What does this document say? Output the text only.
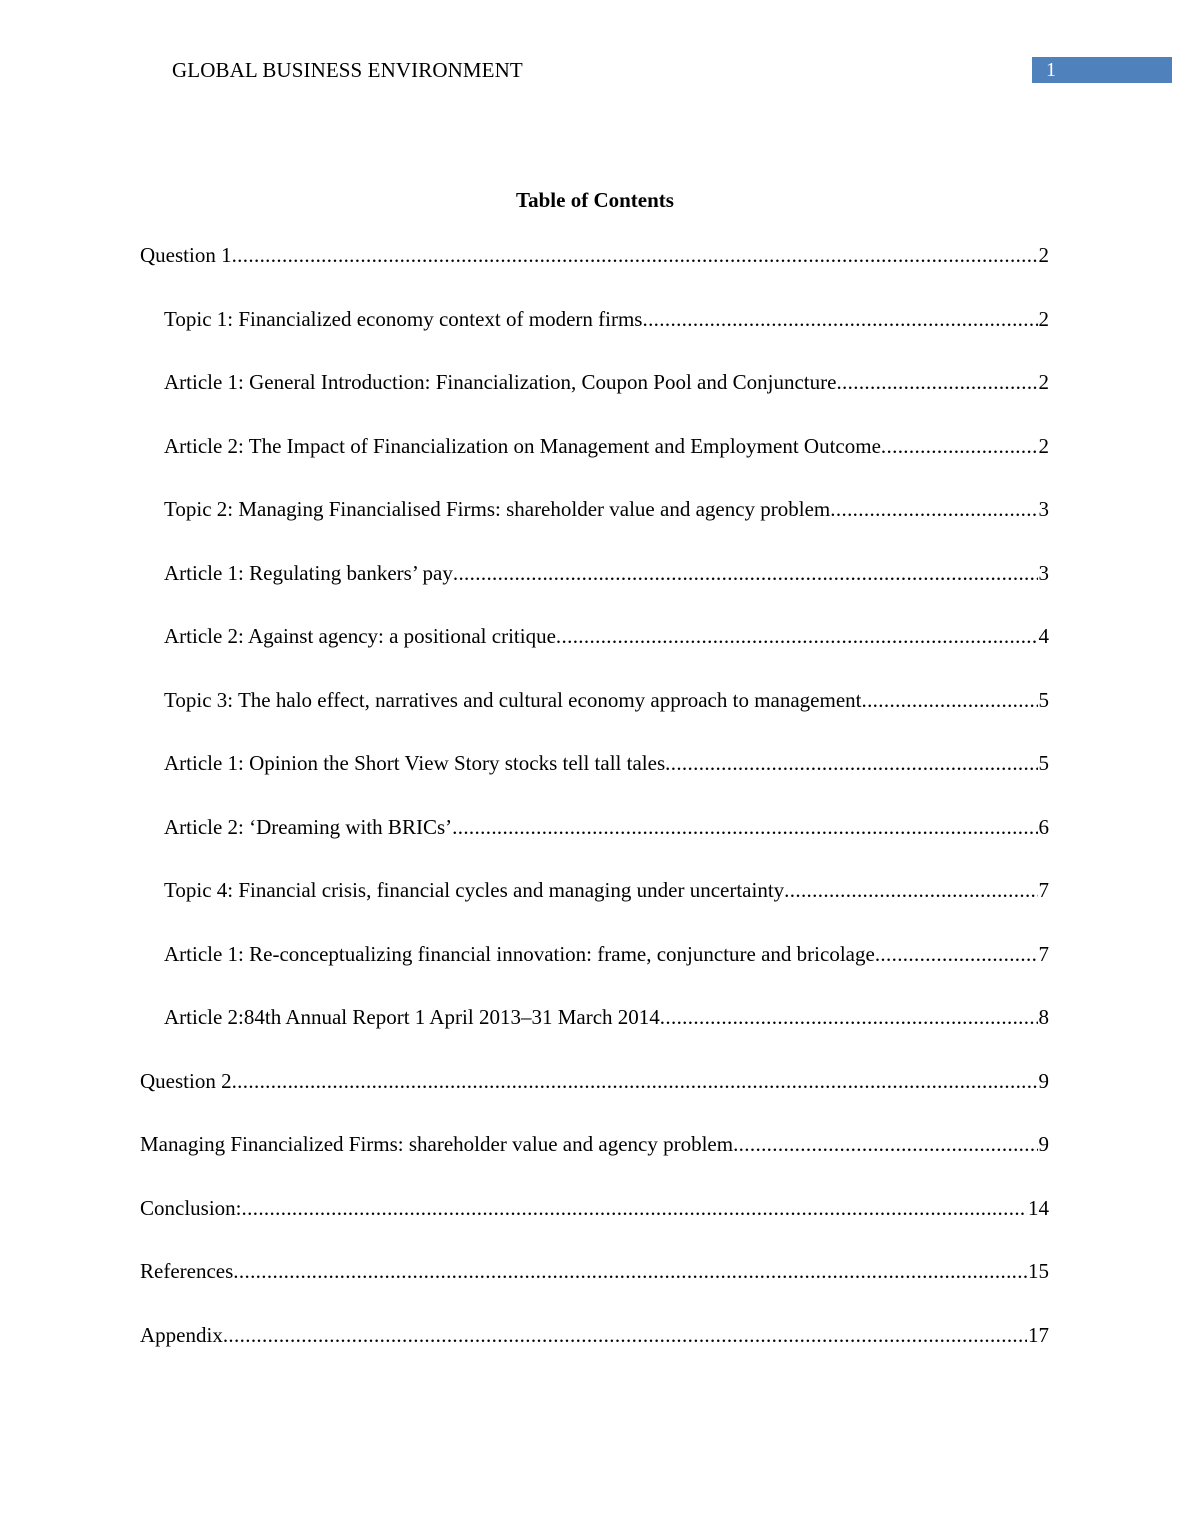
GLOBAL BUSINESS ENVIRONMENT	1
Table of Contents
Question 1 .....	2
Topic 1: Financialized economy context of modern firms .....	2
Article 1: General Introduction: Financialization, Coupon Pool and Conjuncture .....	2
Article 2: The Impact of Financialization on Management and Employment Outcome .....	2
Topic 2: Managing Financialised Firms: shareholder value and agency problem .....	3
Article 1: Regulating bankers’ pay .....	3
Article 2: Against agency: a positional critique .....	4
Topic 3: The halo effect, narratives and cultural economy approach to management .....	5
Article 1: Opinion the Short View Story stocks tell tall tales .....	5
Article 2: ‘Dreaming with BRICs’ .....	6
Topic 4: Financial crisis, financial cycles and managing under uncertainty .....	7
Article 1: Re-conceptualizing financial innovation: frame, conjuncture and bricolage .....	7
Article 2:84th Annual Report 1 April 2013–31 March 2014 .....	8
Question 2 .....	9
Managing Financialized Firms: shareholder value and agency problem .....	9
Conclusion: .....	14
References .....	15
Appendix .....	17
